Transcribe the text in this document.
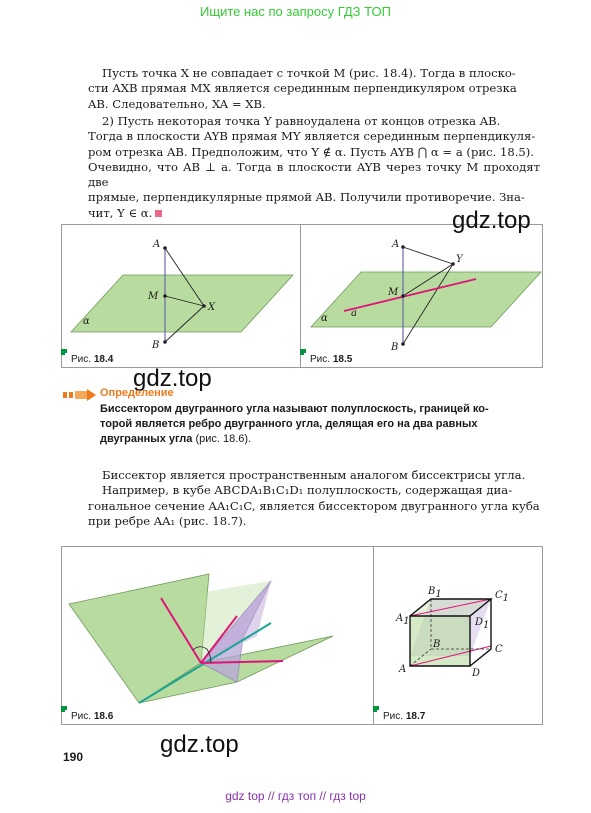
Ищите нас по запросу ГДЗ ТОП
Пусть точка X не совпадает с точкой M (рис. 18.4). Тогда в плоско-
сти AXB прямая MX является серединным перпендикуляром отрезка
AB. Следовательно, XA = XB.
2) Пусть некоторая точка Y равноудалена от концов отрезка AB.
Тогда в плоскости AYB прямая MY является серединным перпендикуля-
ром отрезка AB. Предположим, что Y ∉ α. Пусть AYB ⋂ α = a (рис. 18.5).
Очевидно, что AB ⊥ a. Тогда в плоскости AYB через точку M проходят две
прямые, перпендикулярные прямой AB. Получили противоречие. Зна-
чит, Y ∈ α.
A
M
X
B
α
A
Y
M
a
B
α
Рис. 18.4	Рис. 18.5
gdz.top
gdz.top
gdz.top
Определение
Биссектором двугранного угла называют полуплоскость, границей ко-
торой является ребро двугранного угла, делящая его на два равных
двугранных угла (рис. 18.6).
Биссектор является пространственным аналогом биссектрисы угла.
Например, в кубе ABCDA₁B₁C₁D₁ полуплоскость, содержащая диа-
гональное сечение AA₁C₁C, является биссектором двугранного угла куба
при ребре AA₁ (рис. 18.7).
B1	C1
A1	D1
B	C
A	D
Рис. 18.6	Рис. 18.7
190
gdz top // гдз топ // гдз top
